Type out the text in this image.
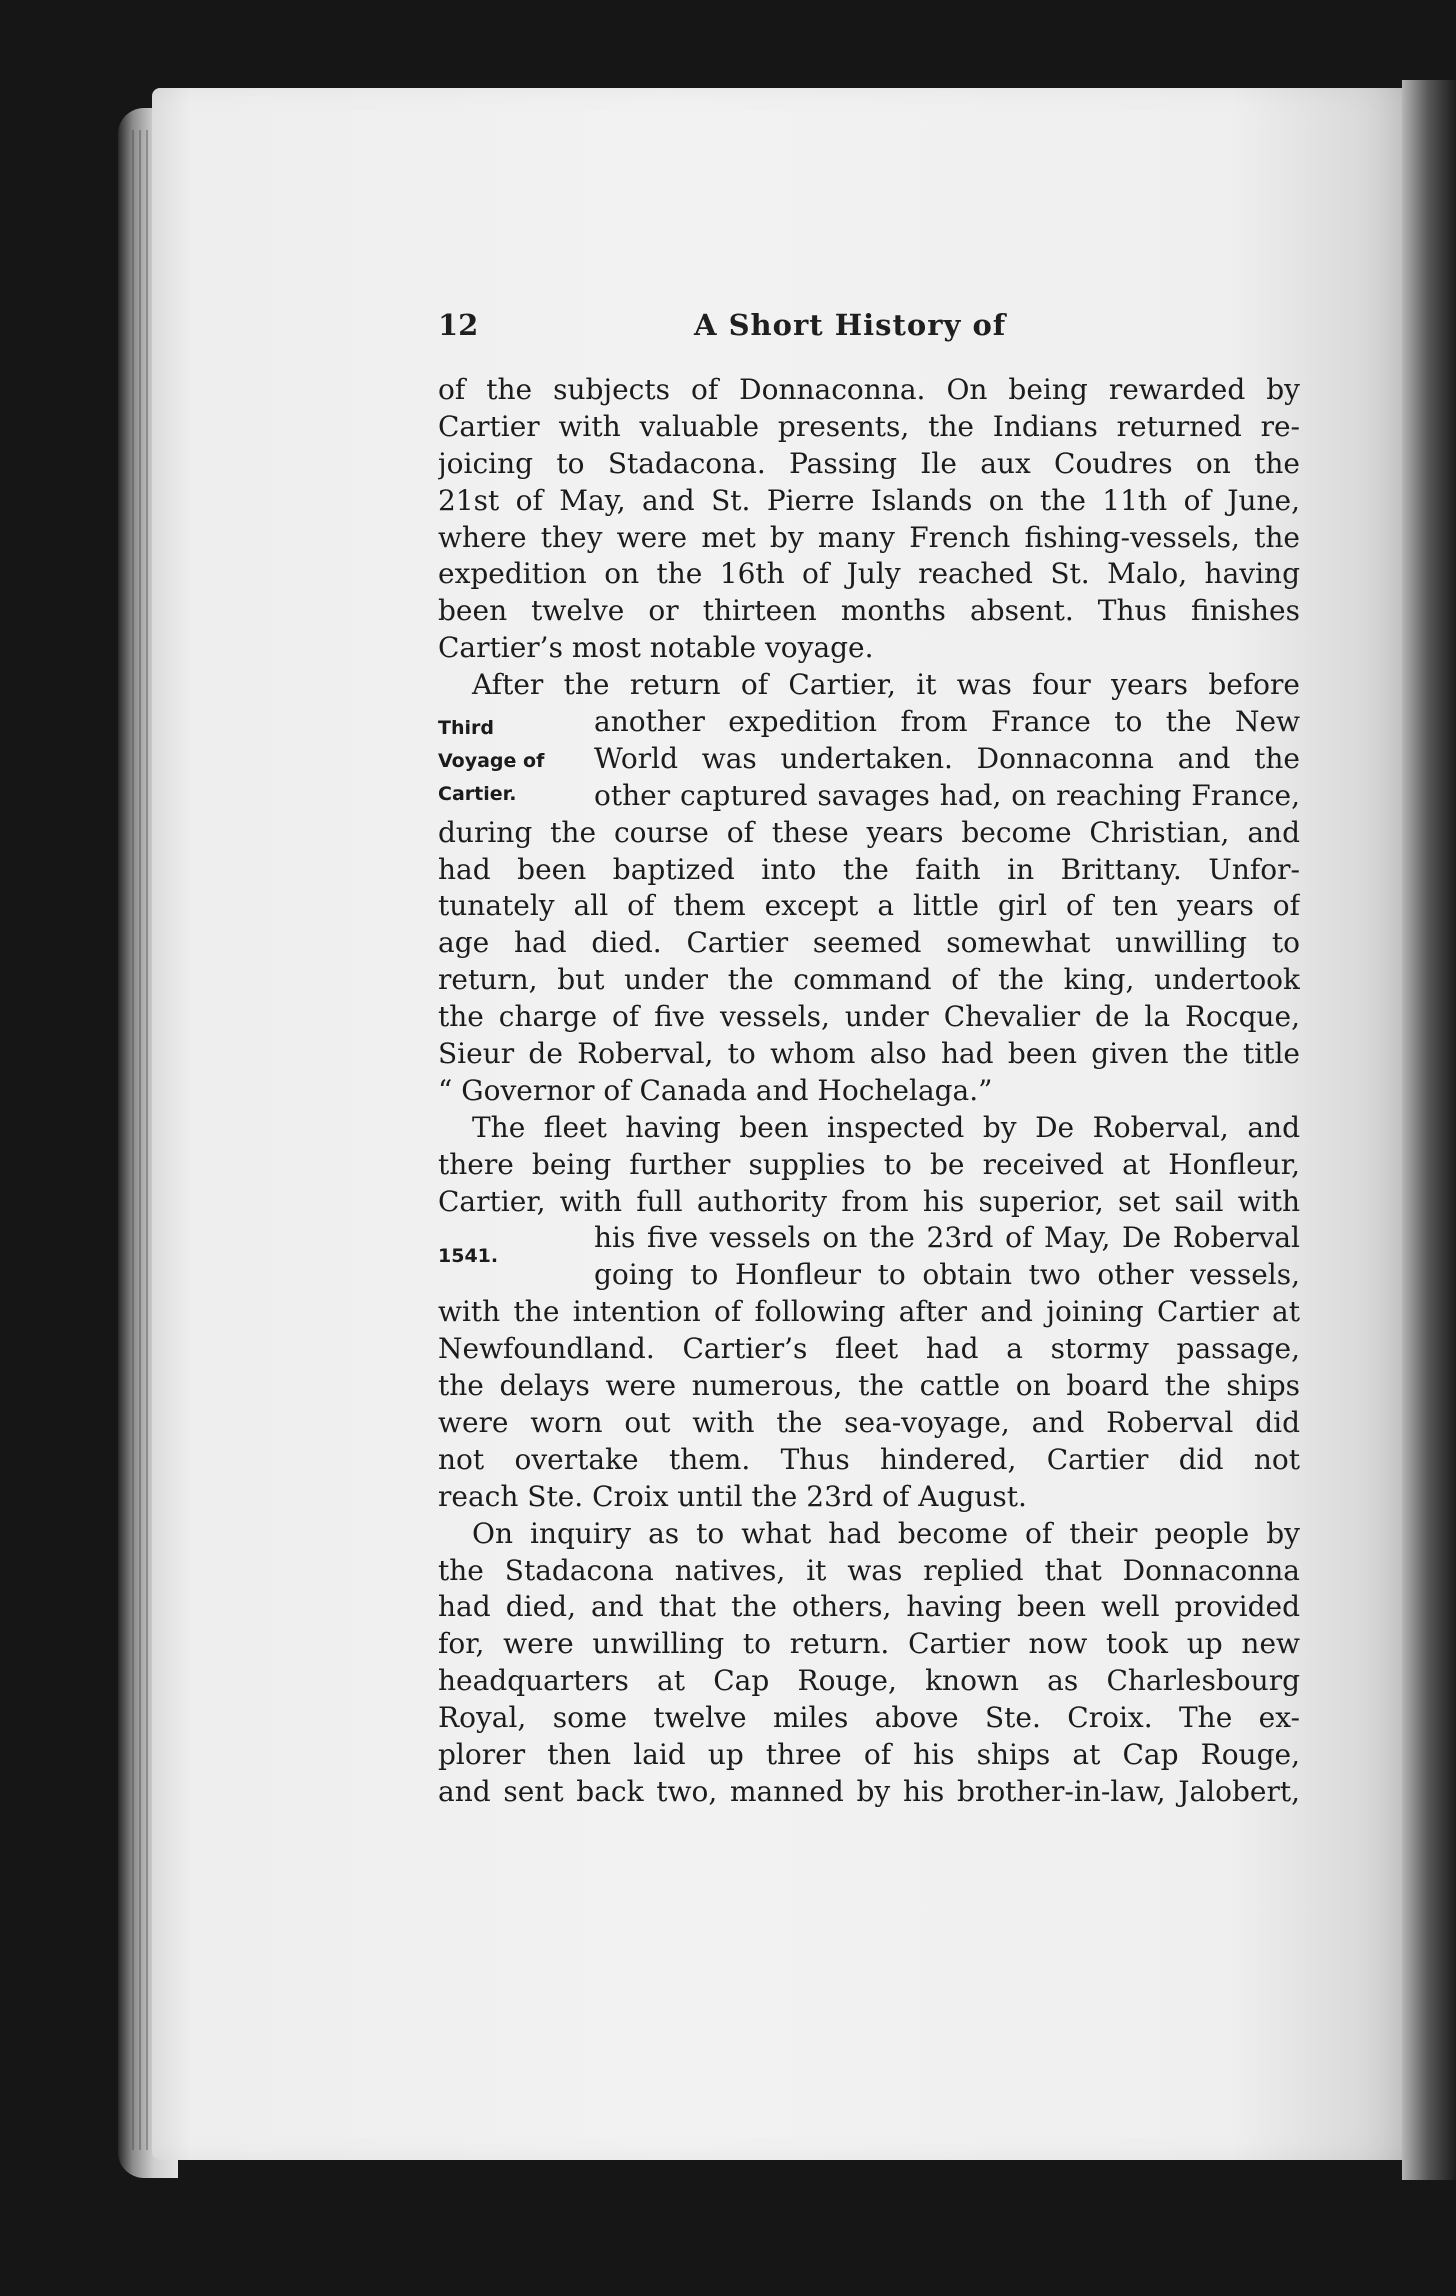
12	A Short History of
Third
Voyage of
Cartier.
1541.
of the subjects of Donnaconna. On being rewarded by
Cartier with valuable presents, the Indians returned re-
joicing to Stadacona. Passing Ile aux Coudres on the
21st of May, and St. Pierre Islands on the 11th of June,
where they were met by many French fishing-vessels, the
expedition on the 16th of July reached St. Malo, having
been twelve or thirteen months absent. Thus finishes
Cartier’s most notable voyage.
After the return of Cartier, it was four years before
another expedition from France to the New
World was undertaken. Donnaconna and the
other captured savages had, on reaching France,
during the course of these years become Christian, and
had been baptized into the faith in Brittany. Unfor-
tunately all of them except a little girl of ten years of
age had died. Cartier seemed somewhat unwilling to
return, but under the command of the king, undertook
the charge of five vessels, under Chevalier de la Rocque,
Sieur de Roberval, to whom also had been given the title
“ Governor of Canada and Hochelaga.”
The fleet having been inspected by De Roberval, and
there being further supplies to be received at Honfleur,
Cartier, with full authority from his superior, set sail with
his five vessels on the 23rd of May, De Roberval
going to Honfleur to obtain two other vessels,
with the intention of following after and joining Cartier at
Newfoundland. Cartier’s fleet had a stormy passage,
the delays were numerous, the cattle on board the ships
were worn out with the sea-voyage, and Roberval did
not overtake them. Thus hindered, Cartier did not
reach Ste. Croix until the 23rd of August.
On inquiry as to what had become of their people by
the Stadacona natives, it was replied that Donnaconna
had died, and that the others, having been well provided
for, were unwilling to return. Cartier now took up new
headquarters at Cap Rouge, known as Charlesbourg
Royal, some twelve miles above Ste. Croix. The ex-
plorer then laid up three of his ships at Cap Rouge,
and sent back two, manned by his brother-in-law, Jalobert,
